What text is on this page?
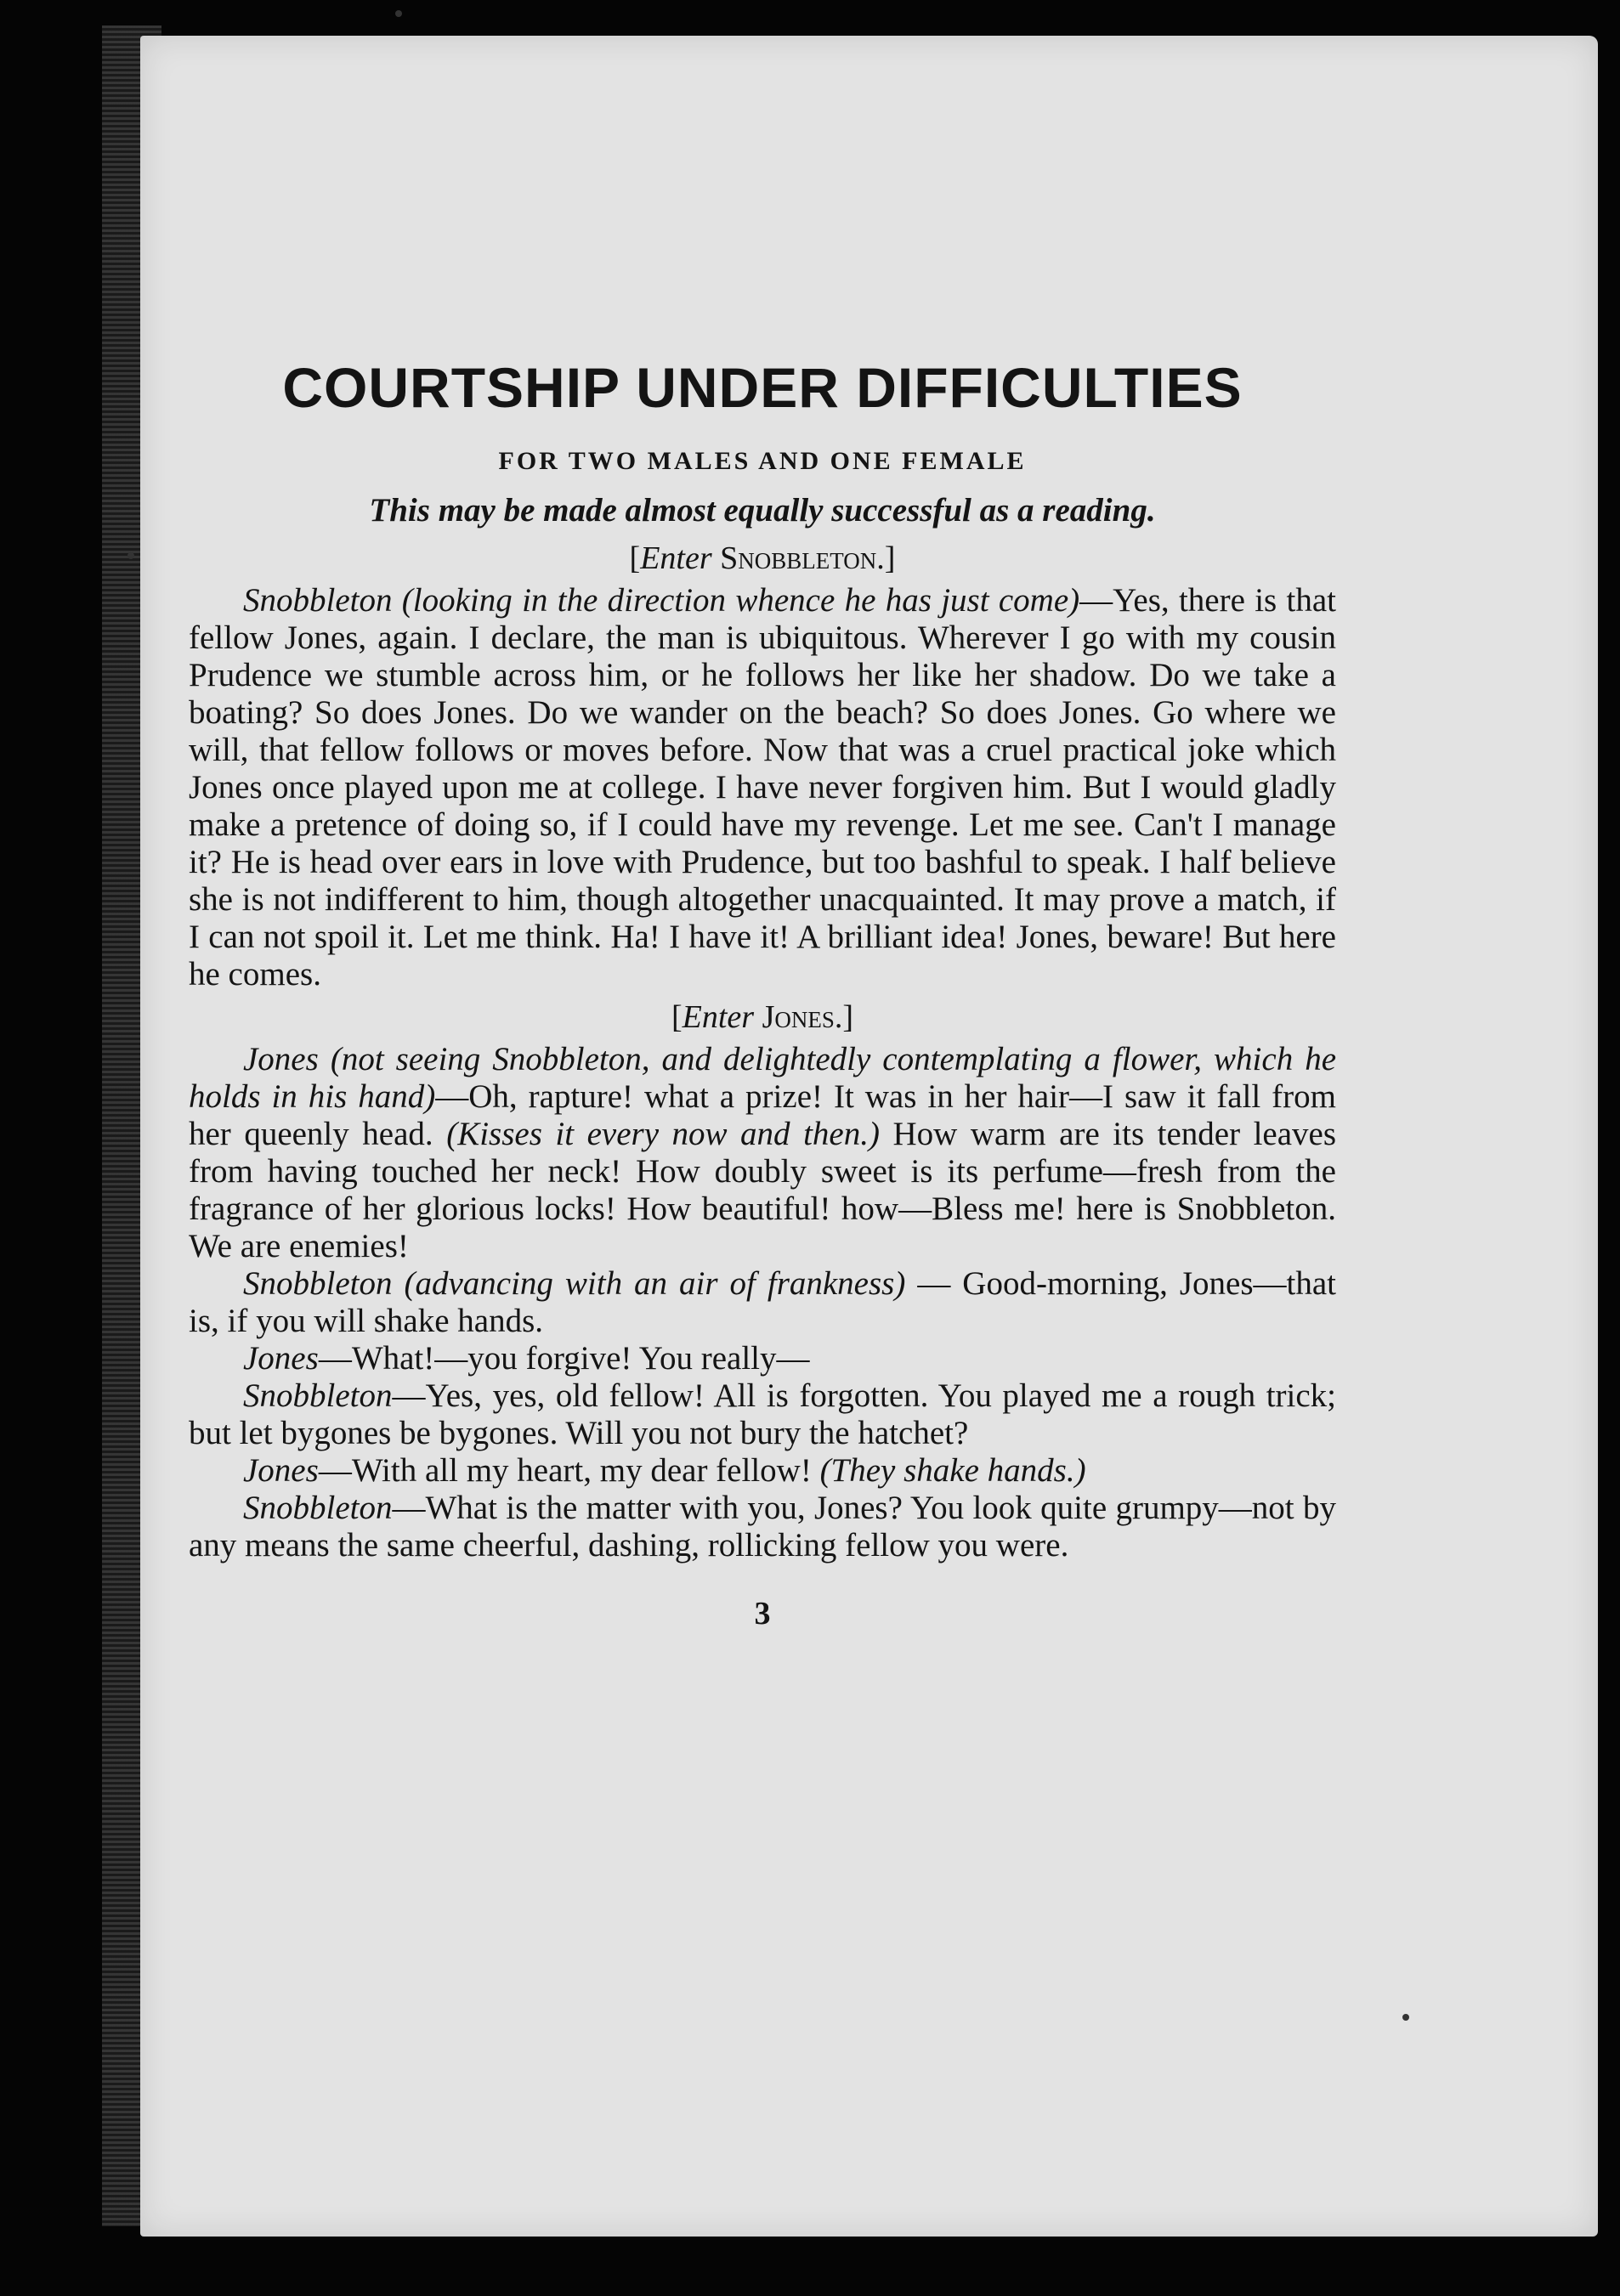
COURTSHIP UNDER DIFFICULTIES
FOR TWO MALES AND ONE FEMALE
This may be made almost equally successful as a reading.
[Enter Snobbleton.]

Snobbleton (looking in the direction whence he has just come)—Yes, there is that fellow Jones, again. I declare, the man is ubiquitous. Wherever I go with my cousin Prudence we stumble across him, or he follows her like her shadow. Do we take a boating? So does Jones. Do we wander on the beach? So does Jones. Go where we will, that fellow follows or moves before. Now that was a cruel practical joke which Jones once played upon me at college. I have never forgiven him. But I would gladly make a pretence of doing so, if I could have my revenge. Let me see. Can't I manage it? He is head over ears in love with Prudence, but too bashful to speak. I half believe she is not indifferent to him, though altogether unacquainted. It may prove a match, if I can not spoil it. Let me think. Ha! I have it! A brilliant idea! Jones, beware! But here he comes.

[Enter Jones.]

Jones (not seeing Snobbleton, and delightedly contemplating a flower, which he holds in his hand)—Oh, rapture! what a prize! It was in her hair—I saw it fall from her queenly head. (Kisses it every now and then.) How warm are its tender leaves from having touched her neck! How doubly sweet is its perfume—fresh from the fragrance of her glorious locks! How beautiful! how—Bless me! here is Snobbleton. We are enemies!

Snobbleton (advancing with an air of frankness) — Good-morning, Jones—that is, if you will shake hands.

Jones—What!—you forgive! You really—

Snobbleton—Yes, yes, old fellow! All is forgotten. You played me a rough trick; but let bygones be bygones. Will you not bury the hatchet?

Jones—With all my heart, my dear fellow! (They shake hands.)

Snobbleton—What is the matter with you, Jones? You look quite grumpy—not by any means the same cheerful, dashing, rollicking fellow you were.

3
